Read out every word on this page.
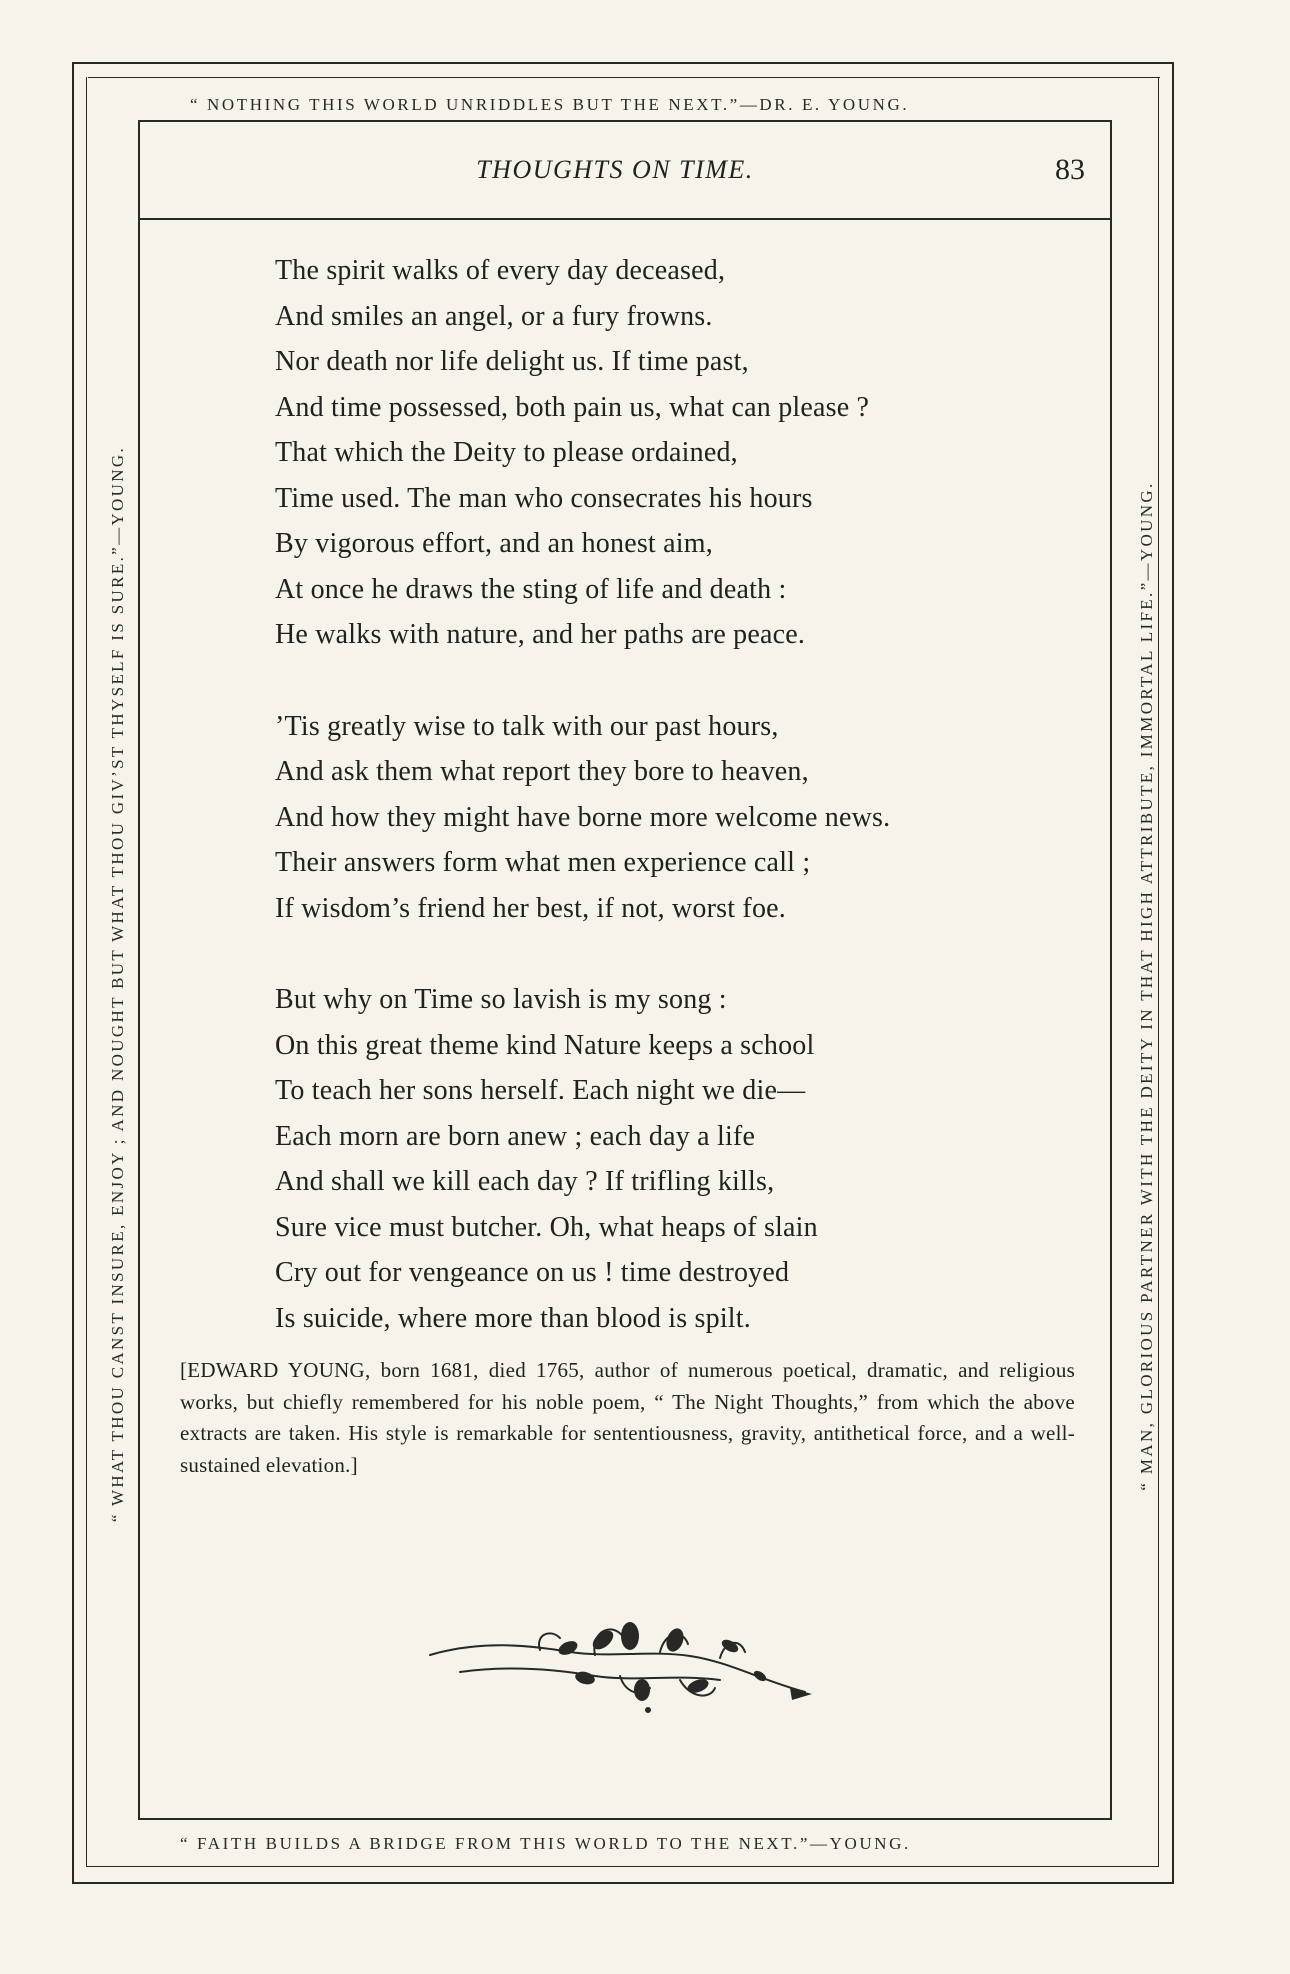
“ NOTHING THIS WORLD UNRIDDLES BUT THE NEXT.”—DR. E. YOUNG.
“ WHAT THOU CANST INSURE, ENJOY ; AND NOUGHT BUT WHAT THOU GIV’ST THYSELF IS SURE.”—YOUNG.	“ MAN, GLORIOUS PARTNER WITH THE DEITY IN THAT HIGH ATTRIBUTE, IMMORTAL LIFE.”—YOUNG.
“ FAITH BUILDS A BRIDGE FROM THIS WORLD TO THE NEXT.”—YOUNG.
THOUGHTS ON TIME.	83
The spirit walks of every day deceased,
And smiles an angel, or a fury frowns.
Nor death nor life delight us. If time past,
And time possessed, both pain us, what can please ?
That which the Deity to please ordained,
Time used. The man who consecrates his hours
By vigorous effort, and an honest aim,
At once he draws the sting of life and death :
He walks with nature, and her paths are peace.
’Tis greatly wise to talk with our past hours,
And ask them what report they bore to heaven,
And how they might have borne more welcome news.
Their answers form what men experience call ;
If wisdom’s friend her best, if not, worst foe.
But why on Time so lavish is my song :
On this great theme kind Nature keeps a school
To teach her sons herself. Each night we die—
Each morn are born anew ; each day a life
And shall we kill each day ? If trifling kills,
Sure vice must butcher. Oh, what heaps of slain
Cry out for vengeance on us ! time destroyed
Is suicide, where more than blood is spilt.
[EDWARD YOUNG, born 1681, died 1765, author of numerous poetical, dramatic, and religious works, but chiefly remembered for his noble poem, “ The Night Thoughts,” from which the above extracts are taken. His style is remarkable for sententiousness, gravity, antithetical force, and a well-sustained elevation.]
